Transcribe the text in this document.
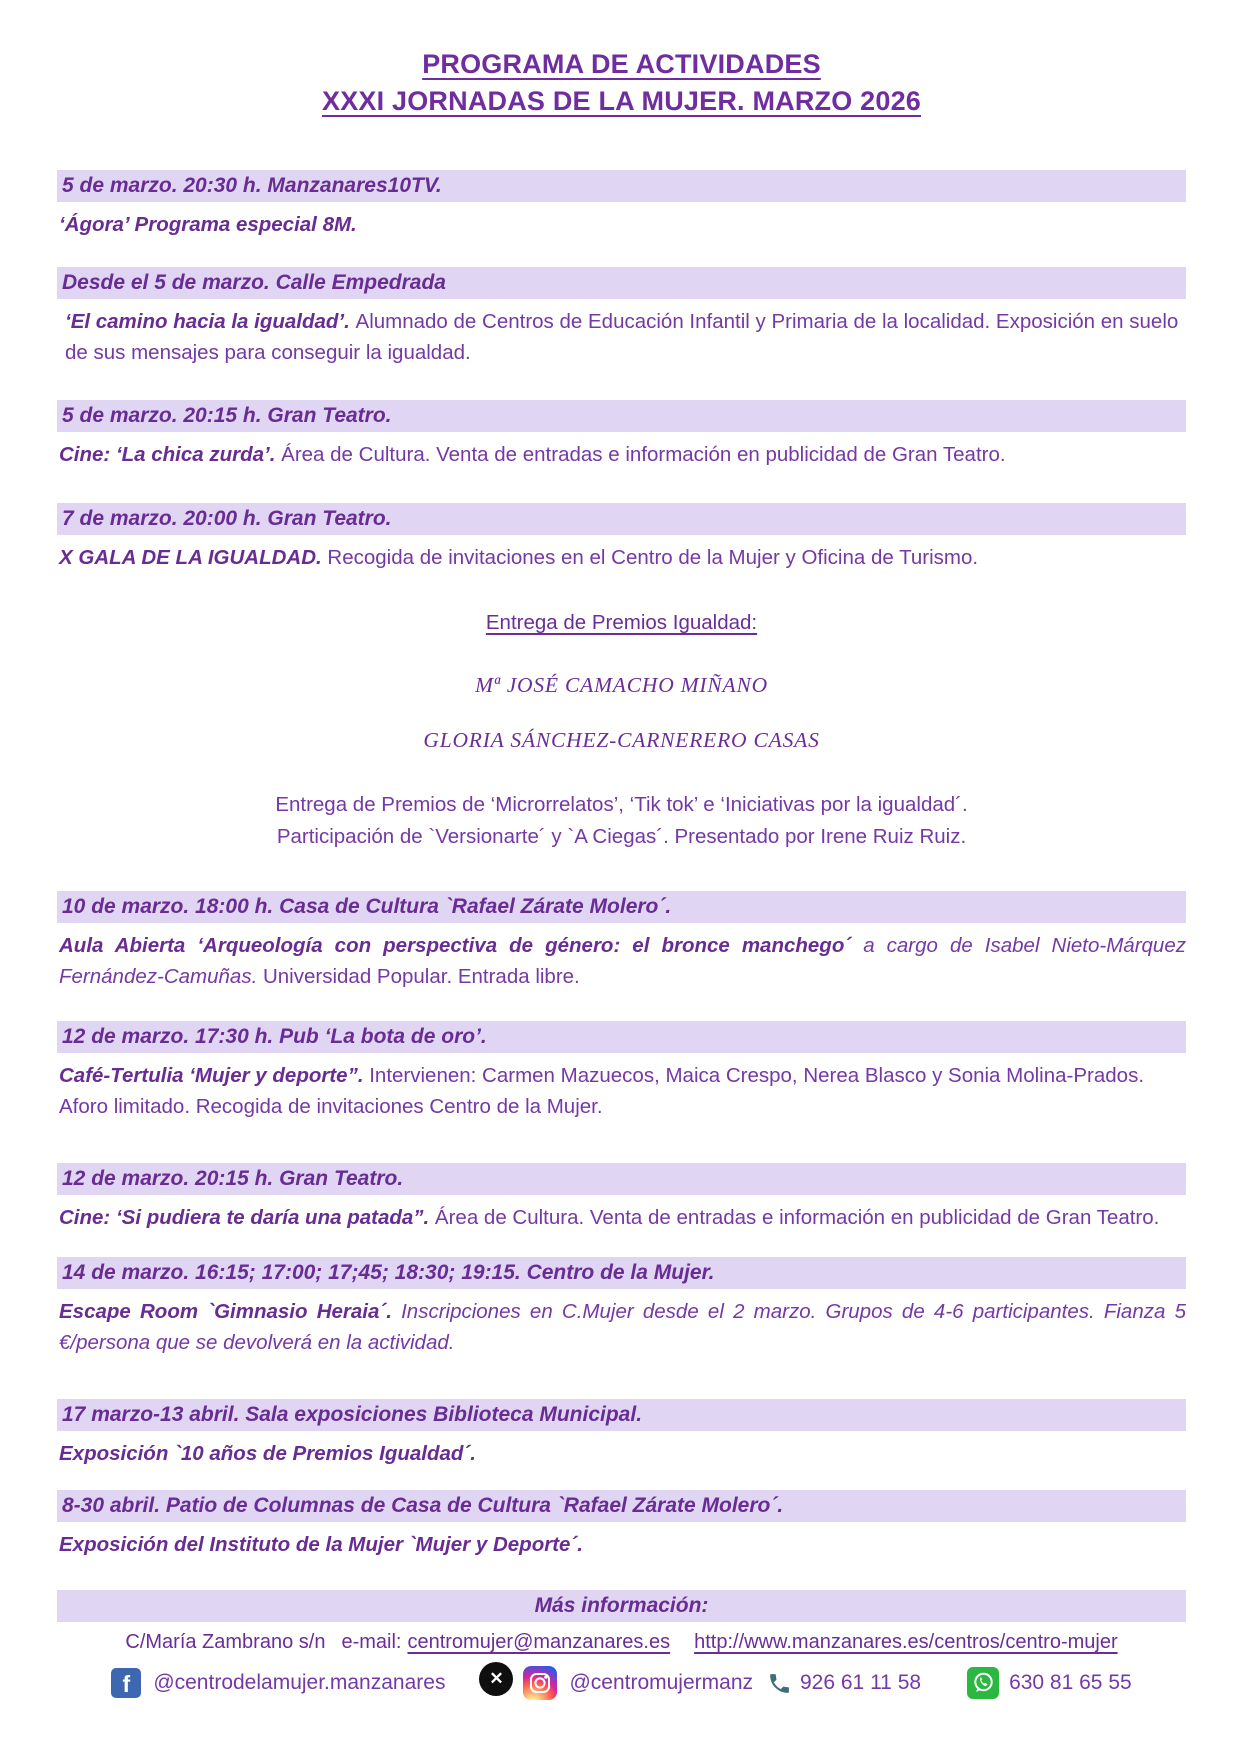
PROGRAMA DE ACTIVIDADES
XXXI JORNADAS DE LA MUJER. MARZO 2026
5 de marzo. 20:30 h. Manzanares10TV.

‘Ágora’ Programa especial 8M.

Desde el 5 de marzo. Calle Empedrada

‘El camino hacia la igualdad’. Alumnado de Centros de Educación Infantil y Primaria de la localidad. Exposición en suelo de sus mensajes para conseguir la igualdad.

5 de marzo. 20:15 h. Gran Teatro.

Cine: ‘La chica zurda’. Área de Cultura. Venta de entradas e información en publicidad de Gran Teatro.

7 de marzo. 20:00 h. Gran Teatro.

X GALA DE LA IGUALDAD. Recogida de invitaciones en el Centro de la Mujer y Oficina de Turismo.

Entrega de Premios Igualdad:
Mª JOSÉ CAMACHO MIÑANO
GLORIA SÁNCHEZ-CARNERERO CASAS

Entrega de Premios de ‘Microrrelatos’, ‘Tik tok’ e ‘Iniciativas por la igualdad´.

Participación de `Versionarte´ y `A Ciegas´. Presentado por Irene Ruiz Ruiz.

10 de marzo. 18:00 h. Casa de Cultura `Rafael Zárate Molero´.

Aula Abierta ‘Arqueología con perspectiva de género: el bronce manchego´ a cargo de Isabel Nieto-Márquez Fernández-Camuñas. Universidad Popular. Entrada libre.

12 de marzo. 17:30 h. Pub ‘La bota de oro’.

Café-Tertulia ‘Mujer y deporte”. Intervienen: Carmen Mazuecos, Maica Crespo, Nerea Blasco y Sonia Molina-Prados. Aforo limitado. Recogida de invitaciones Centro de la Mujer.

12 de marzo. 20:15 h. Gran Teatro.

Cine: ‘Si pudiera te daría una patada”. Área de Cultura. Venta de entradas e información en publicidad de Gran Teatro.

14 de marzo. 16:15; 17:00; 17;45; 18:30; 19:15. Centro de la Mujer.

Escape Room `Gimnasio Heraia´. Inscripciones en C.Mujer desde el 2 marzo. Grupos de 4-6 participantes. Fianza 5 €/persona que se devolverá en la actividad.

17 marzo-13 abril. Sala exposiciones Biblioteca Municipal.

Exposición `10 años de Premios Igualdad´.

8-30 abril. Patio de Columnas de Casa de Cultura `Rafael Zárate Molero´.

Exposición del Instituto de la Mujer `Mujer y Deporte´.

Más información:
C/María Zambrano s/n e-mail: centromujer@manzanares.es http://www.manzanares.es/centros/centro-mujer
f @centrodelamujer.manzanares	✕	@centromujermanz 926 61 11 58	630 81 65 55
